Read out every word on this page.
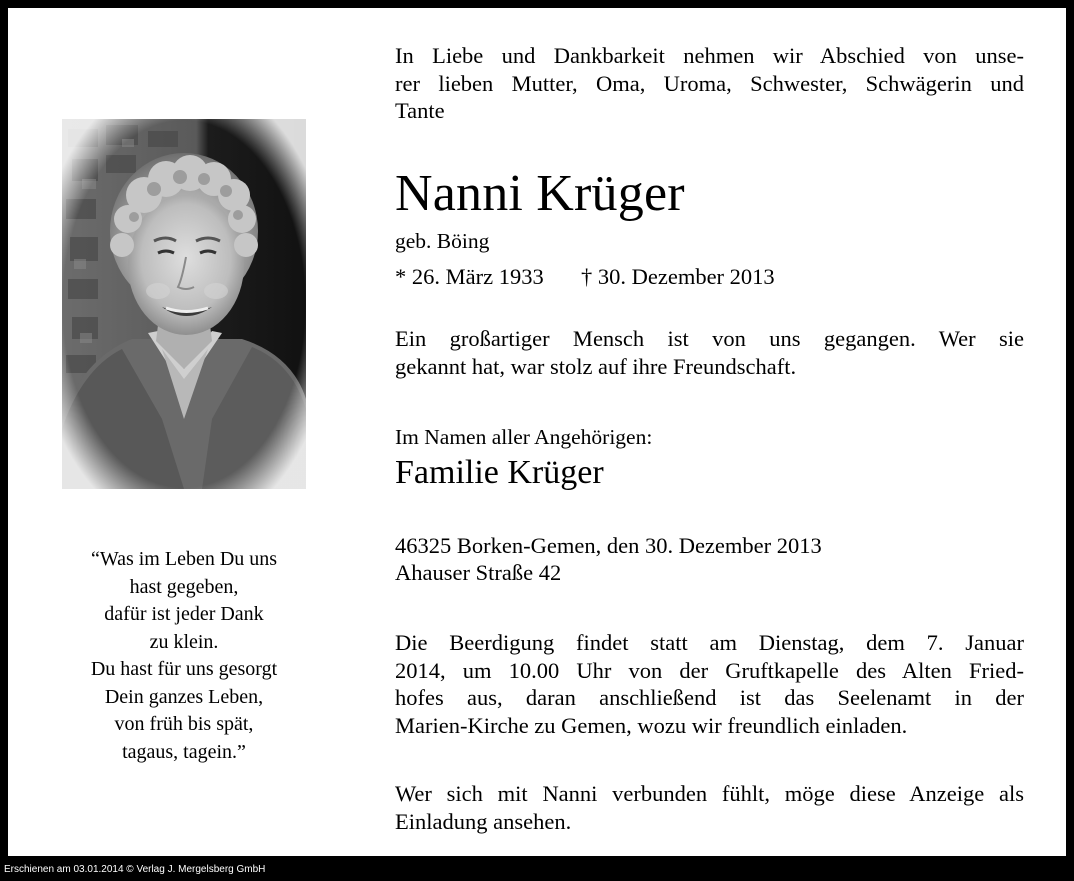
“Was im Leben Du uns
hast gegeben,
dafür ist jeder Dank
zu klein.
Du hast für uns gesorgt
Dein ganzes Leben,
von früh bis spät,
tagaus, tagein.”

In Liebe und Dankbarkeit nehmen wir Abschied von unse-
rer lieben Mutter, Oma, Uroma, Schwester, Schwägerin und
Tante

Nanni Krüger
geb. Böing
* 26. März 1933 † 30. Dezember 2013

Ein großartiger Mensch ist von uns gegangen. Wer sie
gekannt hat, war stolz auf ihre Freundschaft.

Im Namen aller Angehörigen:
Familie Krüger
46325 Borken-Gemen, den 30. Dezember 2013
Ahauser Straße 42

Die Beerdigung findet statt am Dienstag, dem 7. Januar
2014, um 10.00 Uhr von der Gruftkapelle des Alten Fried-
hofes aus, daran anschließend ist das Seelenamt in der
Marien-Kirche zu Gemen, wozu wir freundlich einladen.

Wer sich mit Nanni verbunden fühlt, möge diese Anzeige als
Einladung ansehen.

Erschienen am 03.01.2014 © Verlag J. Mergelsberg GmbH
